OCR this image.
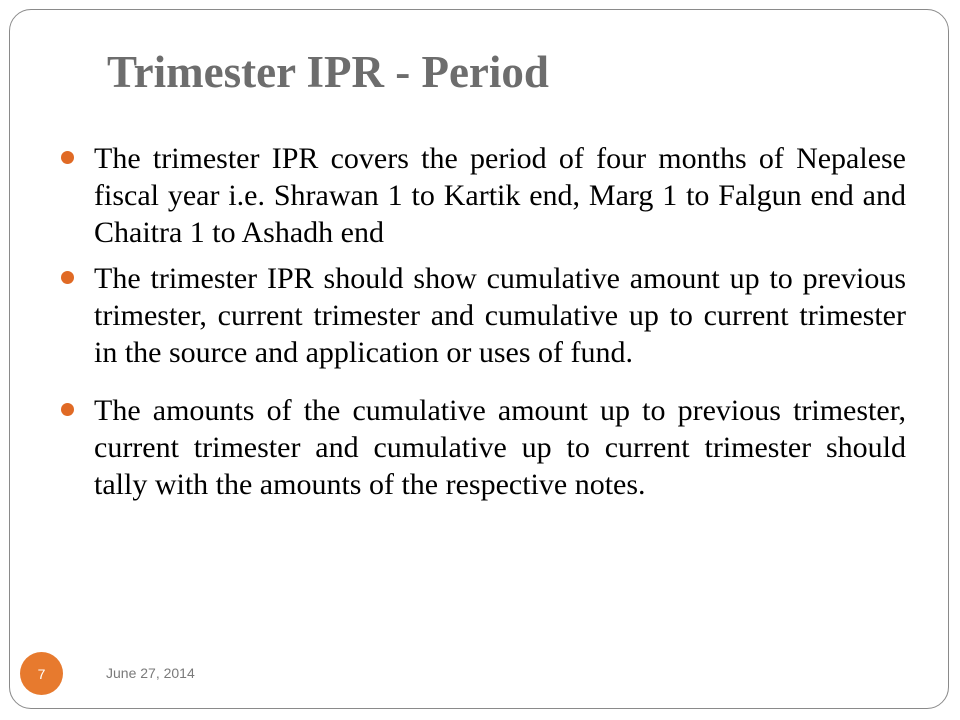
Trimester IPR - Period
The trimester IPR covers the period of four months of Nepalese fiscal year i.e. Shrawan 1 to Kartik end, Marg 1 to Falgun end and Chaitra 1 to Ashadh end
The trimester IPR should show cumulative amount up to previous trimester, current trimester and cumulative up to current trimester in the source and application or uses of fund.
The amounts of the cumulative amount up to previous trimester, current trimester and cumulative up to current trimester should tally with the amounts of the respective notes.
7	June 27, 2014
